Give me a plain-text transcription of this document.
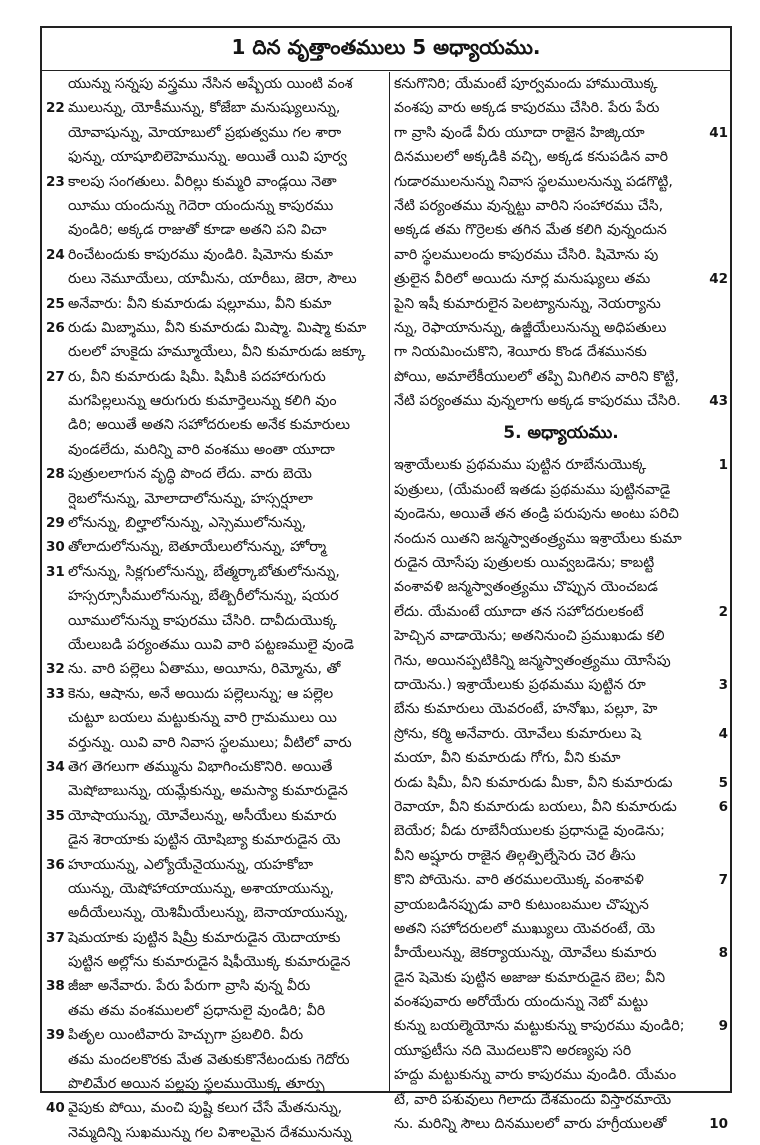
1 దిన వృత్తాంతములు 5 అధ్యాయము.
యున్ను సన్నపు వస్త్రము నేసిన అష్బేయ యింటి వంశ
22 ములున్ను, యోకీమున్ను, కోజేబా మనుష్యులున్ను,
యోవాషున్ను, మోయాబులో ప్రభుత్వము గల శారా
ఫున్ను, యాషూబిలెహెమున్ను. అయితే యివి పూర్వ
23 కాలపు సంగతులు. వీరిల్లు కుమ్మరి వాండ్లయి నెతా
యీము యందున్ను గెదెరా యందున్ను కాపురము
వుండిరి; అక్కడ రాజుతో కూడా అతని పని విచా
24 రించేటందుకు కాపురము వుండిరి. షిమోను కుమా
రులు నెమూయేలు, యామీను, యారీబు, జెరా, సౌలు
25 అనేవారు: వీని కుమారుడు షల్లూము, వీని కుమా
26 రుడు మిబ్శాము, వీని కుమారుడు మిష్మా. మిష్మా కుమా
రులలో హుకైదు హమ్మూయేలు, వీని కుమారుడు జక్కూ
27 రు, వీని కుమారుడు షిమీ. షిమీకి పదహారుగురు
మగపిల్లలున్ను ఆరుగురు కుమార్తెలున్ను కలిగి వుం
డిరి; అయితే అతని సహోదరులకు అనేక కుమారులు
వుండలేదు, మరిన్ని వారి వంశము అంతా యూదా
28 పుత్రులలాగున వృద్ధి పొంద లేదు. వారు బెయె
ర్షెబలోనున్ను, మోలాదాలోనున్ను, హస్సర్షూలా
29 లోనున్ను, బిల్హాలోనున్ను, ఎస్సెములోనున్ను,
30 తోలాదులోనున్ను, బెతూయేలులోనున్ను, హోర్మా
31 లోనున్ను, సిక్లగులోనున్ను, బేత్మర్కాబోతులోనున్ను,
హస్సర్సూసీములోనున్ను, బేత్బిరీలోనున్ను, షయర
యీములోనున్ను కాపురము చేసిరి. దావీదుయొక్క
యేలుబడి పర్యంతము యివి వారి పట్టణములై వుండె
32 ను. వారి పల్లెలు ఏతాము, అయీను, రిమ్మోను, తో
33 కెను, ఆషాను, అనే అయిదు పల్లెలున్ను; ఆ పల్లెల
చుట్టూ బయలు మట్టుకున్ను వారి గ్రామములు యి
వర్తున్ను. యివి వారి నివాస స్థలములు; వీటిలో వారు
34 తెగ తెగలుగా తమ్మును విభాగించుకొనిరి. అయితే
మెషోబాబున్ను, యమ్లేకున్ను, అమస్యా కుమారుడైన
35 యోషాయున్ను, యోవేలున్ను, అసీయేలు కుమారు
డైన శెరాయాకు పుట్టిన యోషిబ్యా కుమారుడైన యె
36 హూయున్ను, ఎల్యోయేనైయున్ను, యహకోబా
యున్ను, యెషోహాయాయున్ను, అశాయాయున్ను,
అదీయేలున్ను, యెశిమీయేలున్ను, బెనాయాయున్ను,
37 షెమయాకు పుట్టిన షిమ్రీ కుమారుడైన యెదాయాకు
పుట్టిన అల్లోను కుమారుడైన షిఫీయొక్క కుమారుడైన
38 జీజా అనేవారు. పేరు పేరుగా వ్రాసి వున్న వీరు
తమ తమ వంశములలో ప్రధానులై వుండిరి; వీరి
39 పితృల యింటివారు హెచ్చుగా ప్రబలిరి. వీరు
తమ మందలకొరకు మేత వెతుకుకొనేటందుకు గెదోరు
పొలిమేర అయిన పల్లపు స్థలముయొక్క తూర్పు
40 వైపుకు పోయి, మంచి పుష్టి కలుగ చేసే మేతనున్ను,
నెమ్మదిన్ని సుఖమున్ను గల విశాలమైన దేశమునున్ను
కనుగొనిరి; యేమంటే పూర్వమందు హాముయొక్క
వంశపు వారు అక్కడ కాపురము చేసిరి. పేరు పేరు
గా వ్రాసి వుండే వీరు యూదా రాజైన హిజ్కియా	41
దినములలో అక్కడికి వచ్చి, అక్కడ కనుపడిన వారి
గుడారములనున్ను నివాస స్థలములనున్ను పడగొట్టి,
నేటి పర్యంతము వున్నట్టు వారిని సంహారము చేసి,
అక్కడ తమ గొర్రెలకు తగిన మేత కలిగి వున్నందున
వారి స్థలములందు కాపురము చేసిరి. షిమోను పు
త్రులైన వీరిలో అయిదు నూర్ల మనుష్యులు తమ	42
పైని ఇషీ కుమారులైన పెలట్యానున్ను, నెయర్యాను
న్ను, రెఫాయానున్ను, ఉజ్జీయేలునున్ను అధిపతులు
గా నియమించుకొని, శెయీరు కొండ దేశమునకు
పోయి, అమాలేకీయులలో తప్పి మిగిలిన వారిని కొట్టి,
నేటి పర్యంతము వున్నలాగు అక్కడ కాపురము చేసిరి.	43
5. అధ్యాయము.
ఇశ్రాయేలుకు ప్రథమము పుట్టిన రూబేనుయొక్క	1
పుత్రులు, (యేమంటే ఇతడు ప్రథమము పుట్టినవాడై
వుండెను, అయితే తన తండ్రి పరుపును అంటు పరిచి
నందున యితని జన్మస్వాతంత్ర్యము ఇశ్రాయేలు కుమా
రుడైన యోసేపు పుత్రులకు యివ్వబడెను; కాబట్టి
వంశావళి జన్మస్వాతంత్ర్యము చొప్పున యెంచబడ
లేదు. యేమంటే యూదా తన సహోదరులకంటే	2
హెచ్చిన వాడాయెను; అతనినుంచి ప్రముఖుడు కలి
గెను, అయినప్పటికిన్ని జన్మస్వాతంత్ర్యము యోసేపు
దాయెను.) ఇశ్రాయేలుకు ప్రథమము పుట్టిన రూ	3
బేను కుమారులు యెవరంటే, హనోఖు, పల్లూ, హె
స్రోను, కర్మి అనేవారు. యోవేలు కుమారులు షె	4
మయా, వీని కుమారుడు గోగు, వీని కుమా
రుడు షిమీ, వీని కుమారుడు మీకా, వీని కుమారుడు	5
రెవాయా, వీని కుమారుడు బయలు, వీని కుమారుడు	6
బెయేర; వీడు రూబేనీయులకు ప్రధానుడై వుండెను;
వీని అష్షూరు రాజైన తిల్గత్పిల్నేసెరు చెర తీసు
కొని పోయెను. వారి తరములయొక్క వంశావళి	7
వ్రాయబడినప్పుడు వారి కుటుంబముల చొప్పున
అతని సహోదరులలో ముఖ్యులు యెవరంటే, యె
హీయేలున్ను, జెకర్యాయున్ను, యోవేలు కుమారు	8
డైన షెమెకు పుట్టిన అజాజు కుమారుడైన బెల; వీని
వంశపువారు అరోయేరు యందున్ను నెబో మట్టు
కున్ను బయల్మెయోను మట్టుకున్ను కాపురము వుండిరి;	9
యూఫ్రటీసు నది మొదలుకొని అరణ్యపు సరి
హద్దు మట్టుకున్ను వారు కాపురము వుండిరి. యేమం
టే, వారి పశువులు గిలాదు దేశమందు విస్తారమాయె
ను. మరిన్ని సౌలు దినములలో వారు హగ్రీయులతో	10
